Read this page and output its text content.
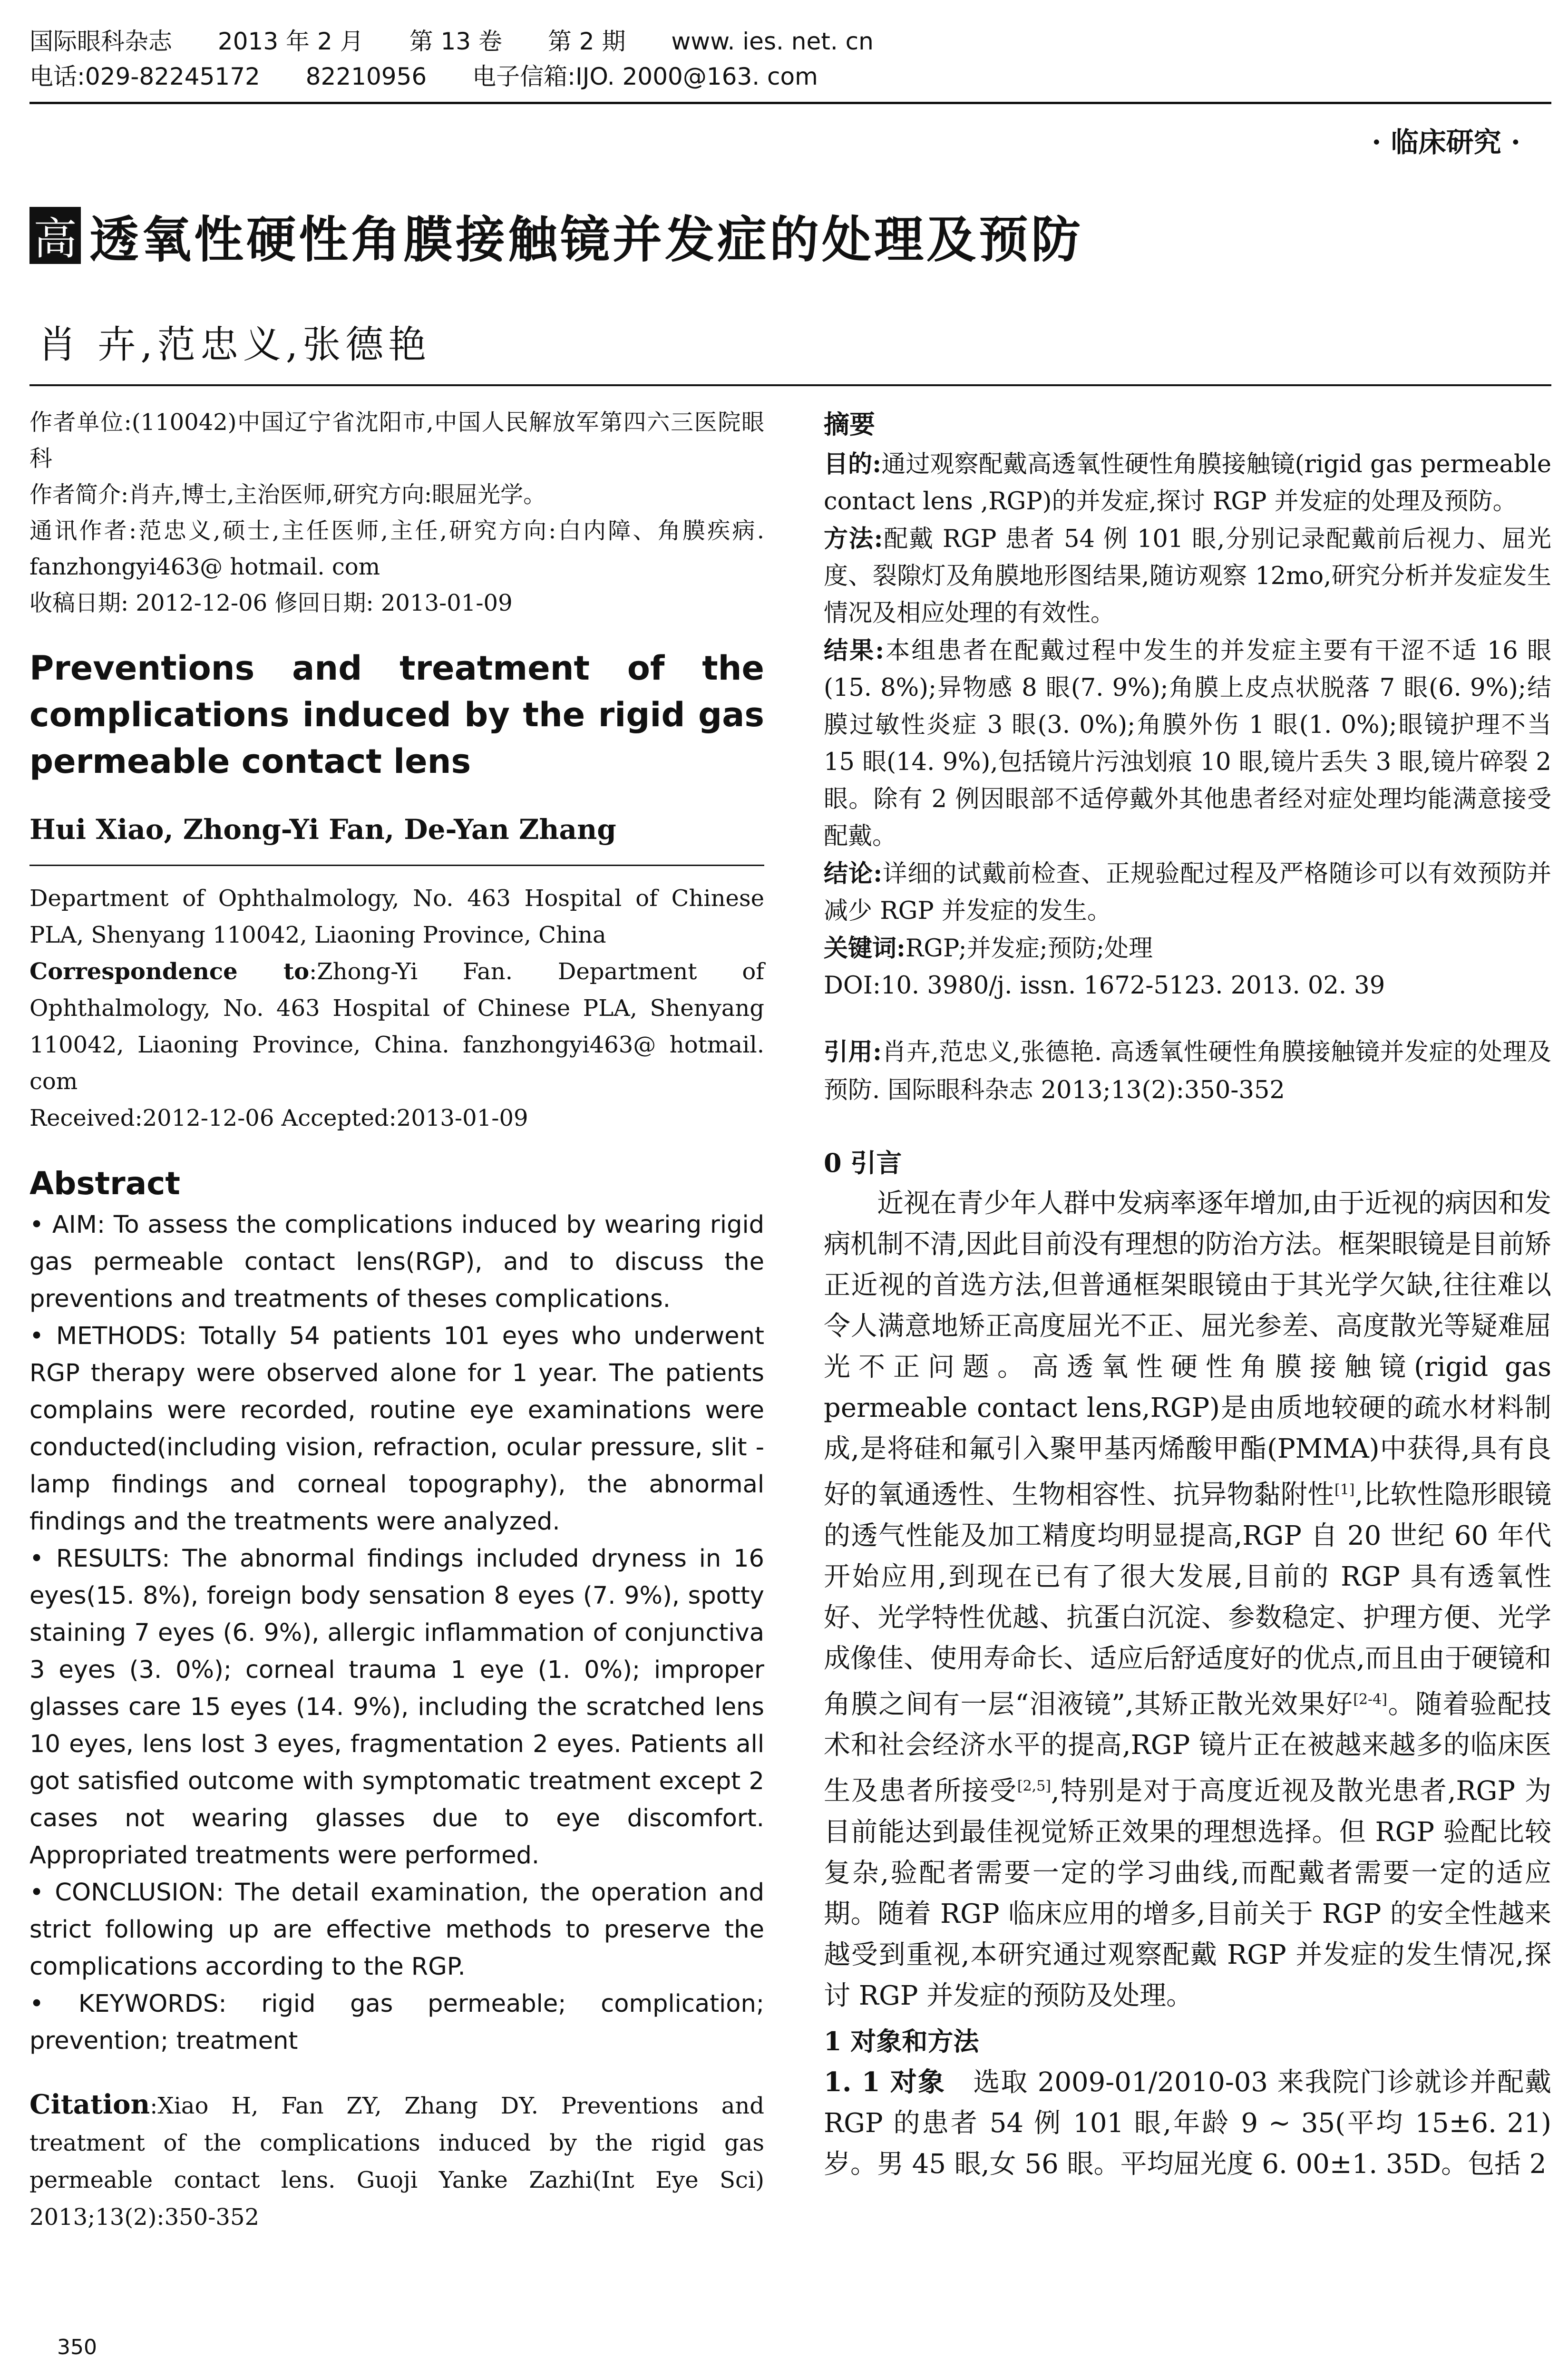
国际眼科杂志 2013 年 2 月 第 13 卷 第 2 期 www. ies. net. cn
电话:029-82245172 82210956 电子信箱:IJO. 2000@163. com
· 临床研究 ·
高 透氧性硬性角膜接触镜并发症的处理及预防
肖 卉,范忠义,张德艳

作者单位:(110042)中国辽宁省沈阳市,中国人民解放军第四六三医院眼科

作者简介:肖卉,博士,主治医师,研究方向:眼屈光学。

通讯作者:范忠义,硕士,主任医师,主任,研究方向:白内障、角膜疾病. fanzhongyi463@ hotmail. com

收稿日期: 2012-12-06 修回日期: 2013-01-09

Preventions and treatment of the complications induced by the rigid gas permeable contact lens
Hui Xiao, Zhong-Yi Fan, De-Yan Zhang

Department of Ophthalmology, No. 463 Hospital of Chinese PLA, Shenyang 110042, Liaoning Province, China

Correspondence to:Zhong-Yi Fan. Department of Ophthalmology, No. 463 Hospital of Chinese PLA, Shenyang 110042, Liaoning Province, China. fanzhongyi463@ hotmail. com

Received:2012-12-06 Accepted:2013-01-09

Abstract

• AIM: To assess the complications induced by wearing rigid gas permeable contact lens(RGP), and to discuss the preventions and treatments of theses complications.

• METHODS: Totally 54 patients 101 eyes who underwent RGP therapy were observed alone for 1 year. The patients complains were recorded, routine eye examinations were conducted(including vision, refraction, ocular pressure, slit - lamp findings and corneal topography), the abnormal findings and the treatments were analyzed.

• RESULTS: The abnormal findings included dryness in 16 eyes(15. 8%), foreign body sensation 8 eyes (7. 9%), spotty staining 7 eyes (6. 9%), allergic inflammation of conjunctiva 3 eyes (3. 0%); corneal trauma 1 eye (1. 0%); improper glasses care 15 eyes (14. 9%), including the scratched lens 10 eyes, lens lost 3 eyes, fragmentation 2 eyes. Patients all got satisfied outcome with symptomatic treatment except 2 cases not wearing glasses due to eye discomfort. Appropriated treatments were performed.

• CONCLUSION: The detail examination, the operation and strict following up are effective methods to preserve the complications according to the RGP.

• KEYWORDS: rigid gas permeable; complication; prevention; treatment

Citation:Xiao H, Fan ZY, Zhang DY. Preventions and treatment of the complications induced by the rigid gas permeable contact lens. Guoji Yanke Zazhi(Int Eye Sci) 2013;13(2):350-352
350
摘要

目的:通过观察配戴高透氧性硬性角膜接触镜(rigid gas permeable contact lens ,RGP)的并发症,探讨 RGP 并发症的处理及预防。

方法:配戴 RGP 患者 54 例 101 眼,分别记录配戴前后视力、屈光度、裂隙灯及角膜地形图结果,随访观察 12mo,研究分析并发症发生情况及相应处理的有效性。

结果:本组患者在配戴过程中发生的并发症主要有干涩不适 16 眼(15. 8%);异物感 8 眼(7. 9%);角膜上皮点状脱落 7 眼(6. 9%);结膜过敏性炎症 3 眼(3. 0%);角膜外伤 1 眼(1. 0%);眼镜护理不当 15 眼(14. 9%),包括镜片污浊划痕 10 眼,镜片丢失 3 眼,镜片碎裂 2 眼。除有 2 例因眼部不适停戴外其他患者经对症处理均能满意接受配戴。

结论:详细的试戴前检查、正规验配过程及严格随诊可以有效预防并减少 RGP 并发症的发生。

关键词:RGP;并发症;预防;处理

DOI:10. 3980/j. issn. 1672-5123. 2013. 02. 39

引用:肖卉,范忠义,张德艳. 高透氧性硬性角膜接触镜并发症的处理及预防. 国际眼科杂志 2013;13(2):350-352
0 引言

近视在青少年人群中发病率逐年增加,由于近视的病因和发病机制不清,因此目前没有理想的防治方法。框架眼镜是目前矫正近视的首选方法,但普通框架眼镜由于其光学欠缺,往往难以令人满意地矫正高度屈光不正、屈光参差、高度散光等疑难屈光不正问题。高透氧性硬性角膜接触镜(rigid gas permeable contact lens,RGP)是由质地较硬的疏水材料制成,是将硅和氟引入聚甲基丙烯酸甲酯(PMMA)中获得,具有良好的氧通透性、生物相容性、抗异物黏附性[1],比软性隐形眼镜的透气性能及加工精度均明显提高,RGP 自 20 世纪 60 年代开始应用,到现在已有了很大发展,目前的 RGP 具有透氧性好、光学特性优越、抗蛋白沉淀、参数稳定、护理方便、光学成像佳、使用寿命长、适应后舒适度好的优点,而且由于硬镜和角膜之间有一层“泪液镜”,其矫正散光效果好[2-4]。随着验配技术和社会经济水平的提高,RGP 镜片正在被越来越多的临床医生及患者所接受[2,5],特别是对于高度近视及散光患者,RGP 为目前能达到最佳视觉矫正效果的理想选择。但 RGP 验配比较复杂,验配者需要一定的学习曲线,而配戴者需要一定的适应期。随着 RGP 临床应用的增多,目前关于 RGP 的安全性越来越受到重视,本研究通过观察配戴 RGP 并发症的发生情况,探讨 RGP 并发症的预防及处理。

1 对象和方法

1. 1 对象 选取 2009-01/2010-03 来我院门诊就诊并配戴 RGP 的患者 54 例 101 眼,年龄 9 ~ 35(平均 15±6. 21)岁。男 45 眼,女 56 眼。平均屈光度 6. 00±1. 35D。包括 2
